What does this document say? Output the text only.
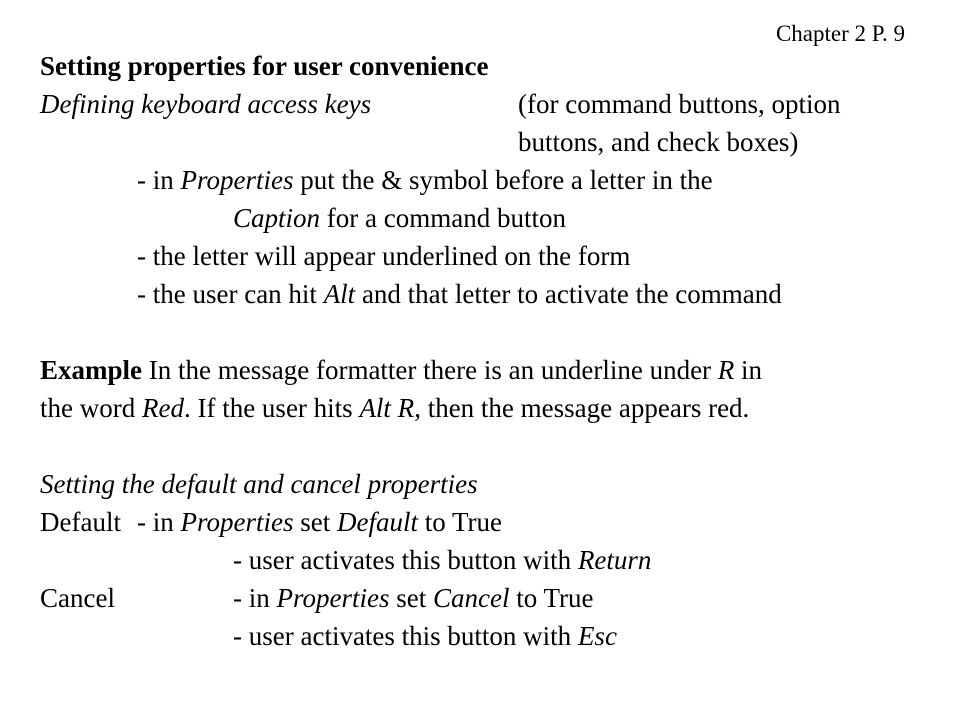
Chapter 2 P. 9
Setting properties for user convenience
Defining keyboard access keys	(for command buttons, option
buttons, and check boxes)
- in Properties put the & symbol before a letter in the
Caption for a command button
- the letter will appear underlined on the form
- the user can hit Alt and that letter to activate the command
Example In the message formatter there is an underline under R in
the word Red. If the user hits Alt R, then the message appears red.
Setting the default and cancel properties
Default - in Properties set Default to True
- user activates this button with Return
Cancel	- in Properties set Cancel to True
- user activates this button with Esc
